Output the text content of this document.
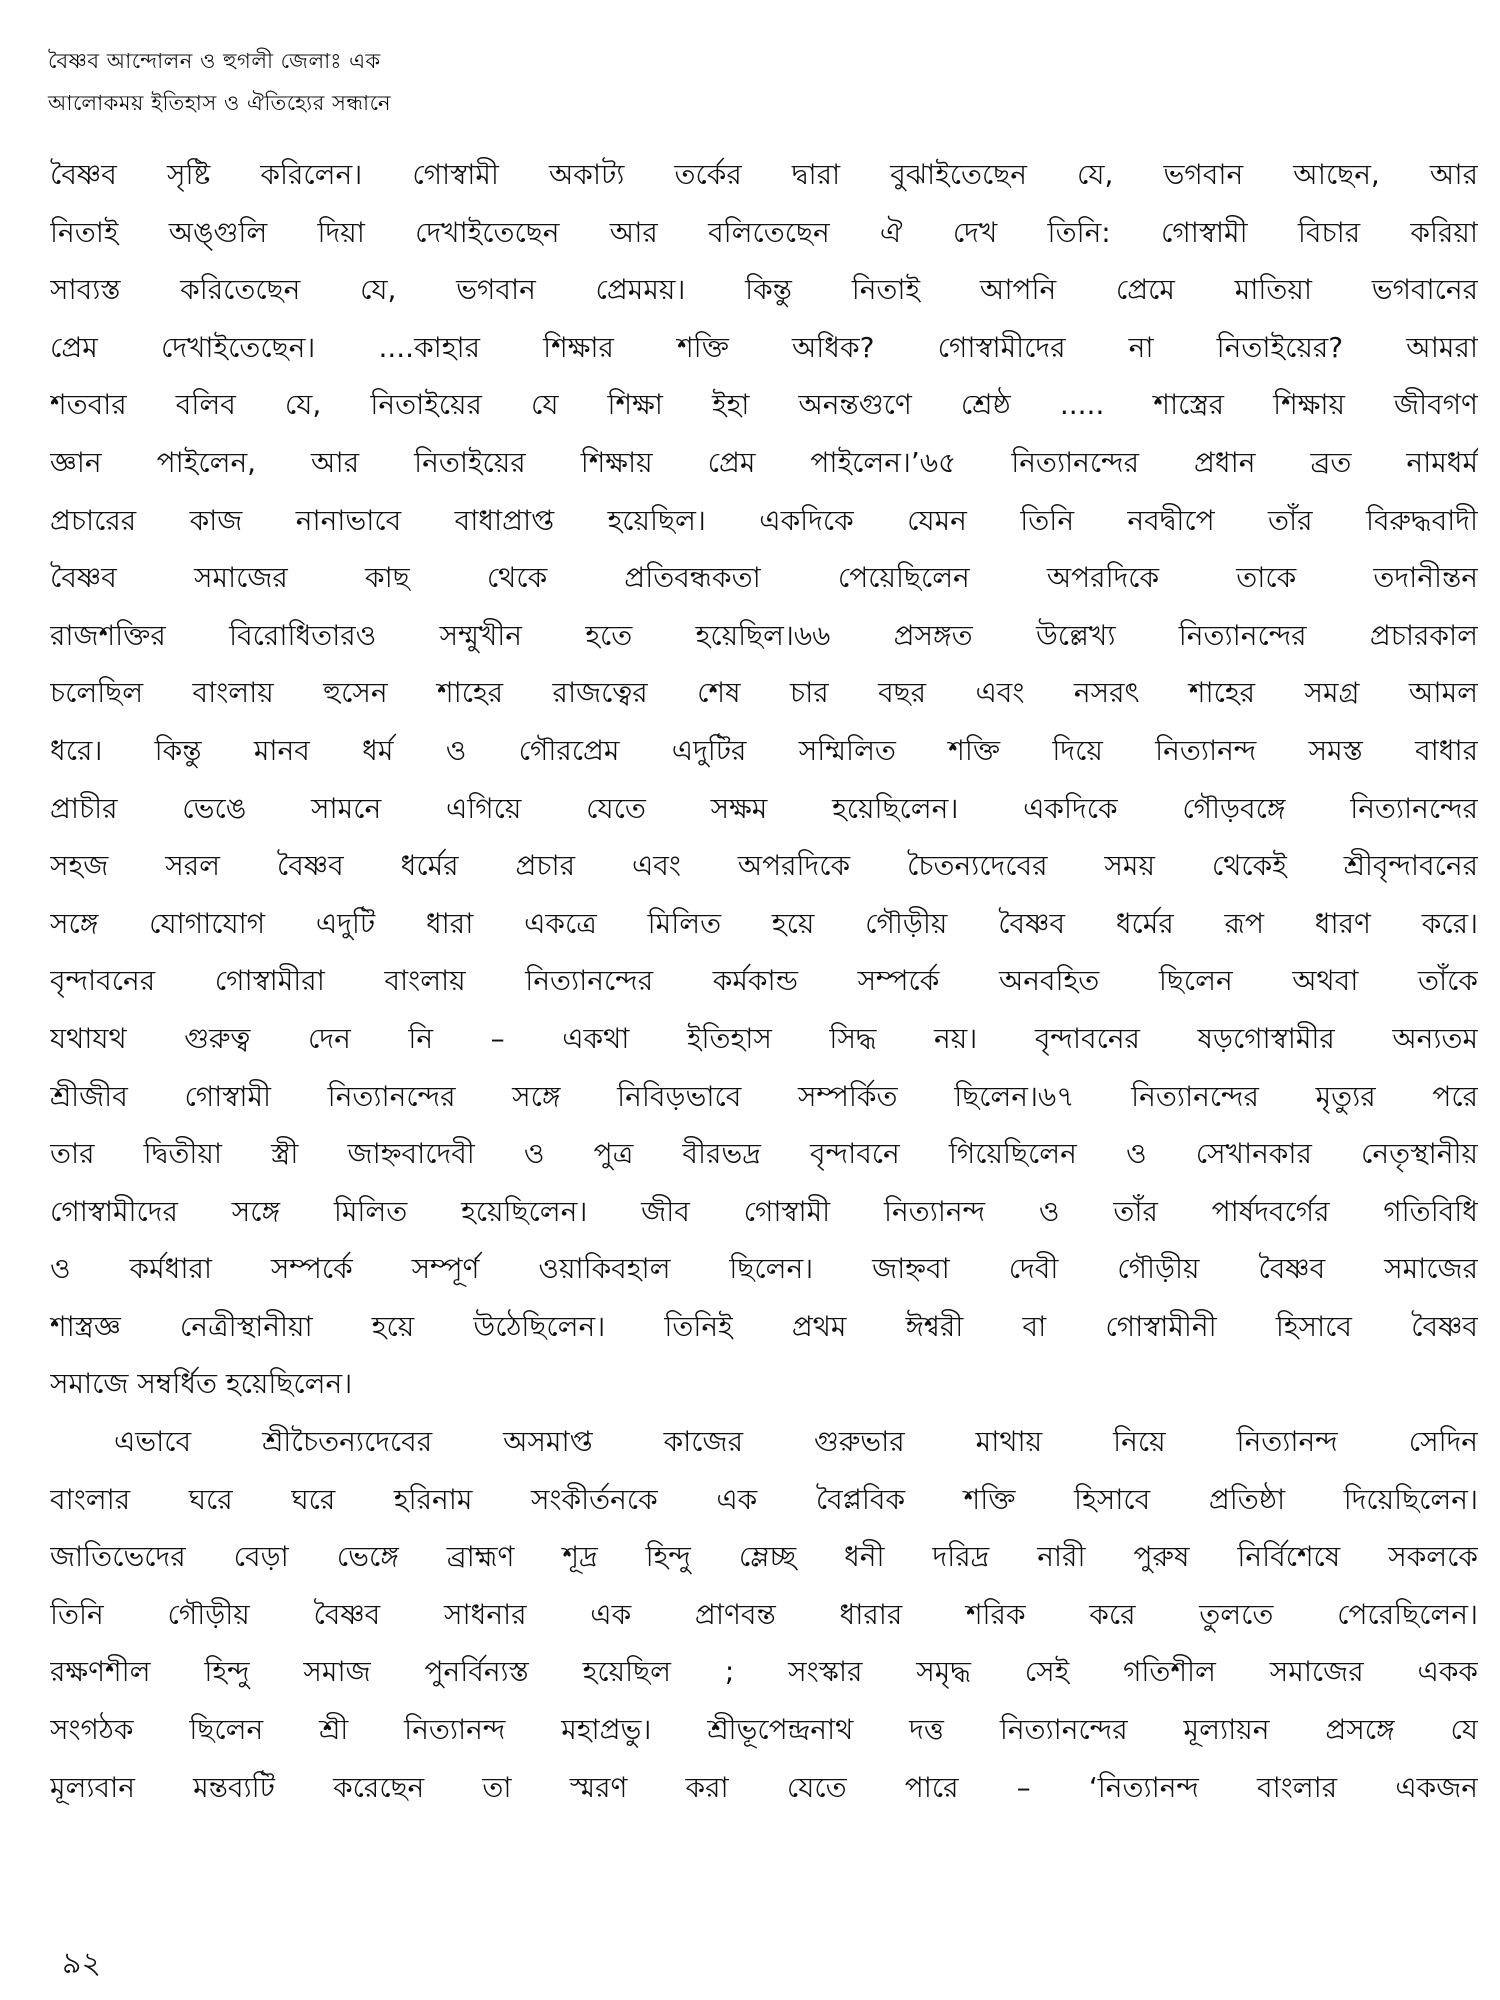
বৈষ্ণব আন্দোলন ও হুগলী জেলাঃ এক
আলোকময় ইতিহাস ও ঐতিহ্যের সন্ধানে
বৈষ্ণব সৃষ্টি করিলেন। গোস্বামী অকাট্য তর্কের দ্বারা বুঝাইতেছেন যে, ভগবান আছেন, আর
নিতাই অঙ্গুলি দিয়া দেখাইতেছেন আর বলিতেছেন ঐ দেখ তিনি: গোস্বামী বিচার করিয়া
সাব্যস্ত করিতেছেন যে, ভগবান প্রেমময়। কিন্তু নিতাই আপনি প্রেমে মাতিয়া ভগবানের
প্রেম দেখাইতেছেন। ....কাহার শিক্ষার শক্তি অধিক? গোস্বামীদের না নিতাইয়ের? আমরা
শতবার বলিব যে, নিতাইয়ের যে শিক্ষা ইহা অনন্তগুণে শ্রেষ্ঠ ..... শাস্ত্রের শিক্ষায় জীবগণ
জ্ঞান পাইলেন, আর নিতাইয়ের শিক্ষায় প্রেম পাইলেন।’৬৫ নিত্যানন্দের প্রধান ব্রত নামধর্ম
প্রচারের কাজ নানাভাবে বাধাপ্রাপ্ত হয়েছিল। একদিকে যেমন তিনি নবদ্বীপে তাঁর বিরুদ্ধবাদী
বৈষ্ণব সমাজের কাছ থেকে প্রতিবন্ধকতা পেয়েছিলেন অপরদিকে তাকে তদানীন্তন
রাজশক্তির বিরোধিতারও সম্মুখীন হতে হয়েছিল।৬৬ প্রসঙ্গত উল্লেখ্য নিত্যানন্দের প্রচারকাল
চলেছিল বাংলায় হুসেন শাহের রাজত্বের শেষ চার বছর এবং নসরৎ শাহের সমগ্র আমল
ধরে। কিন্তু মানব ধর্ম ও গৌরপ্রেম এদুটির সম্মিলিত শক্তি দিয়ে নিত্যানন্দ সমস্ত বাধার
প্রাচীর ভেঙে সামনে এগিয়ে যেতে সক্ষম হয়েছিলেন। একদিকে গৌড়বঙ্গে নিত্যানন্দের
সহজ সরল বৈষ্ণব ধর্মের প্রচার এবং অপরদিকে চৈতন্যদেবের সময় থেকেই শ্রীবৃন্দাবনের
সঙ্গে যোগাযোগ এদুটি ধারা একত্রে মিলিত হয়ে গৌড়ীয় বৈষ্ণব ধর্মের রূপ ধারণ করে।
বৃন্দাবনের গোস্বামীরা বাংলায় নিত্যানন্দের কর্মকান্ড সম্পর্কে অনবহিত ছিলেন অথবা তাঁকে
যথাযথ গুরুত্ব দেন নি – একথা ইতিহাস সিদ্ধ নয়। বৃন্দাবনের ষড়গোস্বামীর অন্যতম
শ্রীজীব গোস্বামী নিত্যানন্দের সঙ্গে নিবিড়ভাবে সম্পর্কিত ছিলেন।৬৭ নিত্যানন্দের মৃত্যুর পরে
তার দ্বিতীয়া স্ত্রী জাহ্নবাদেবী ও পুত্র বীরভদ্র বৃন্দাবনে গিয়েছিলেন ও সেখানকার নেতৃস্থানীয়
গোস্বামীদের সঙ্গে মিলিত হয়েছিলেন। জীব গোস্বামী নিত্যানন্দ ও তাঁর পার্ষদবর্গের গতিবিধি
ও কর্মধারা সম্পর্কে সম্পূর্ণ ওয়াকিবহাল ছিলেন। জাহ্নবা দেবী গৌড়ীয় বৈষ্ণব সমাজের
শাস্ত্রজ্ঞ নেত্রীস্থানীয়া হয়ে উঠেছিলেন। তিনিই প্রথম ঈশ্বরী বা গোস্বামীনী হিসাবে বৈষ্ণব
সমাজে সম্বর্ধিত হয়েছিলেন।
এভাবে শ্রীচৈতন্যদেবের অসমাপ্ত কাজের গুরুভার মাথায় নিয়ে নিত্যানন্দ সেদিন
বাংলার ঘরে ঘরে হরিনাম সংকীর্তনকে এক বৈপ্লবিক শক্তি হিসাবে প্রতিষ্ঠা দিয়েছিলেন।
জাতিভেদের বেড়া ভেঙ্গে ব্রাহ্মণ শূদ্র হিন্দু ম্লেচ্ছ ধনী দরিদ্র নারী পুরুষ নির্বিশেষে সকলকে
তিনি গৌড়ীয় বৈষ্ণব সাধনার এক প্রাণবন্ত ধারার শরিক করে তুলতে পেরেছিলেন।
রক্ষণশীল হিন্দু সমাজ পুনর্বিন্যস্ত হয়েছিল ; সংস্কার সমৃদ্ধ সেই গতিশীল সমাজের একক
সংগঠক ছিলেন শ্রী নিত্যানন্দ মহাপ্রভু। শ্রীভূপেন্দ্রনাথ দত্ত নিত্যানন্দের মূল্যায়ন প্রসঙ্গে যে
মূল্যবান মন্তব্যটি করেছেন তা স্মরণ করা যেতে পারে – ‘নিত্যানন্দ বাংলার একজন
৯২
